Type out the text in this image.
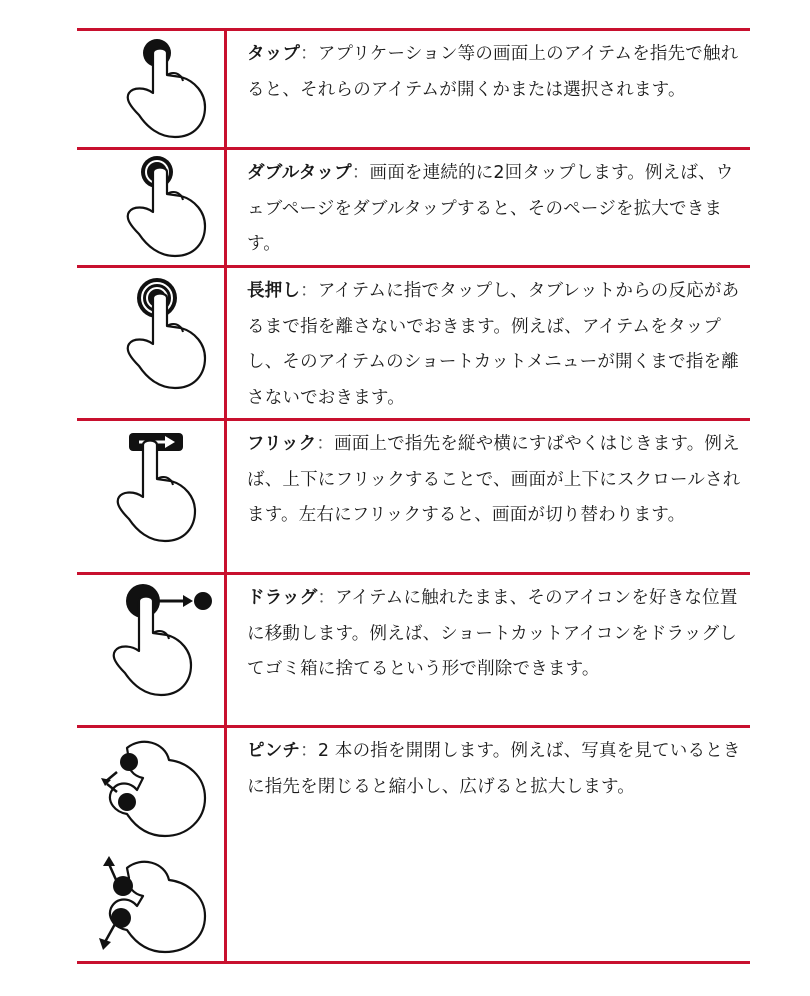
タップ：アプリケーション等の画面上のアイテムを指先で触れると、それらのアイテムが開くかまたは選択されます。
ダブルタップ：画面を連続的に2回タップします。例えば、ウェブページをダブルタップすると、そのページを拡大できます。
長押し：アイテムに指でタップし、タブレットからの反応があるまで指を離さないでおきます。例えば、アイテムをタップし、そのアイテムのショートカットメニューが開くまで指を離さないでおきます。
フリック：画面上で指先を縦や横にすばやくはじきます。例えば、上下にフリックすることで、画面が上下にスクロールされます。左右にフリックすると、画面が切り替わります。
ドラッグ：アイテムに触れたまま、そのアイコンを好きな位置に移動します。例えば、ショートカットアイコンをドラッグしてゴミ箱に捨てるという形で削除できます。
ピンチ：2 本の指を開閉します。例えば、写真を見ているときに指先を閉じると縮小し、広げると拡大します。
